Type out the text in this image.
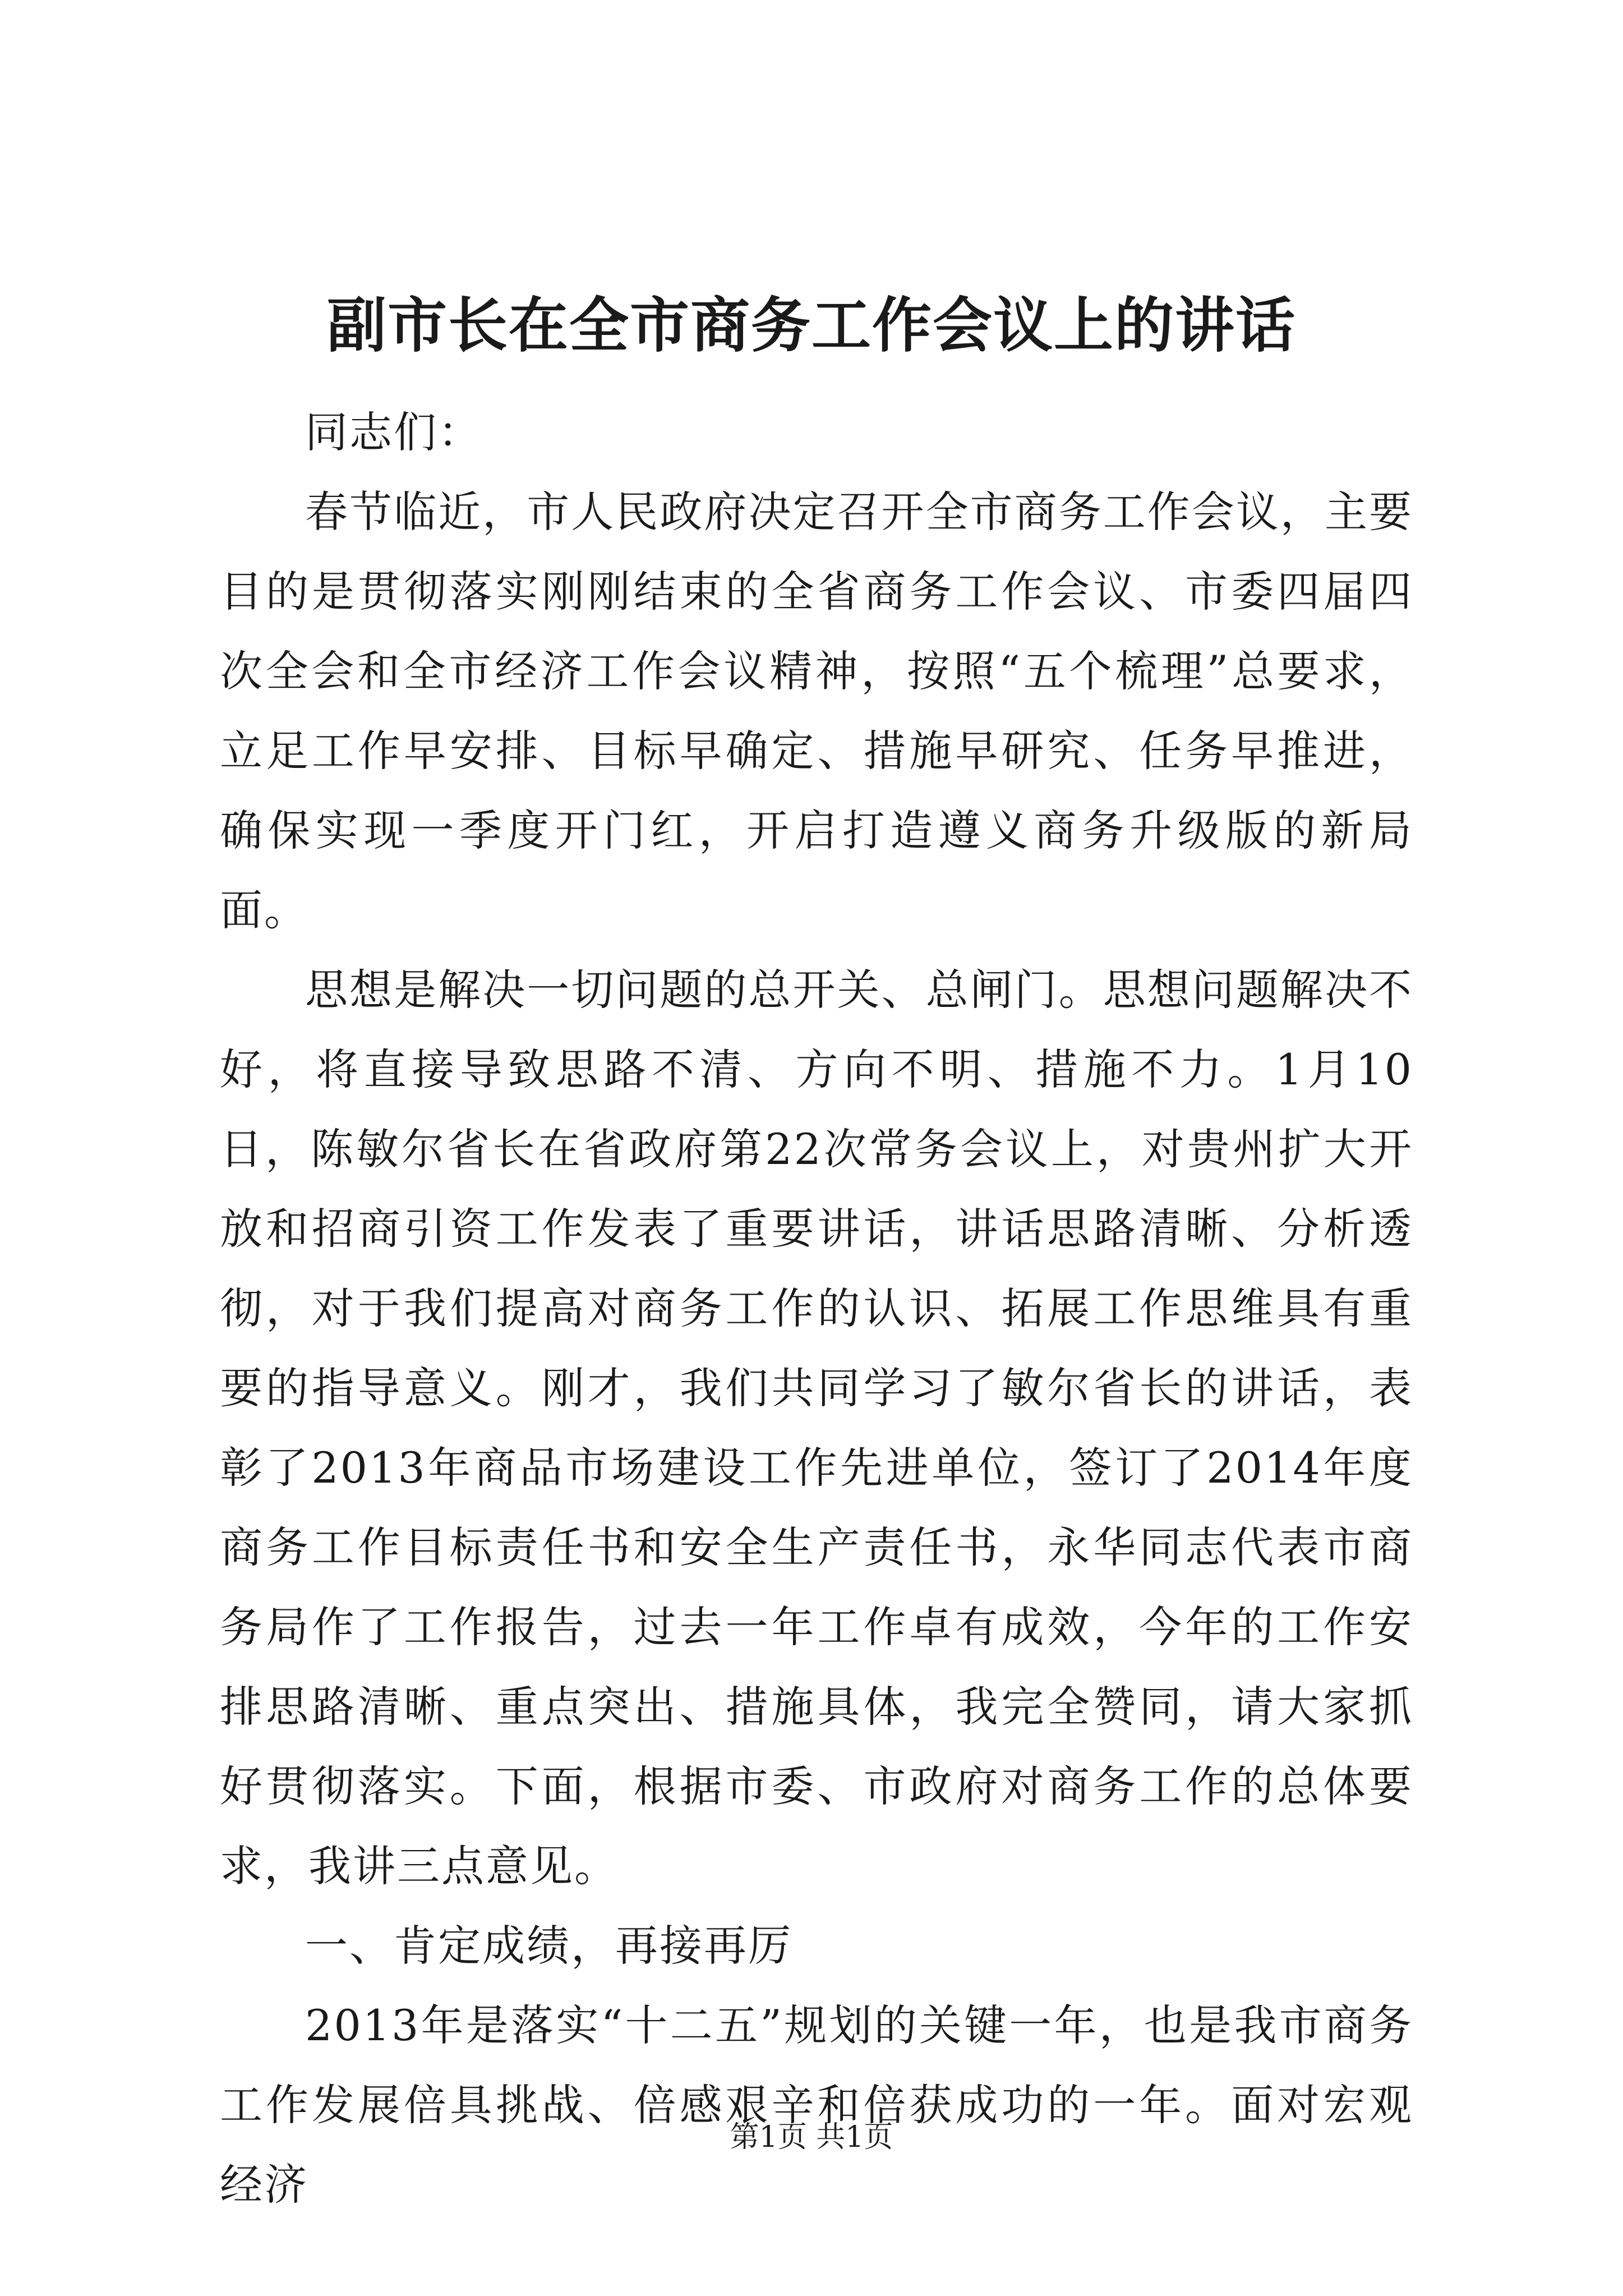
副市长在全市商务工作会议上的讲话

同志们：

春节临近，市人民政府决定召开全市商务工作会议，主要目的是贯彻落实刚刚结束的全省商务工作会议、市委四届四次全会和全市经济工作会议精神，按照“五个梳理”总要求，立足工作早安排、目标早确定、措施早研究、任务早推进，确保实现一季度开门红，开启打造遵义商务升级版的新局面。

思想是解决一切问题的总开关、总闸门。思想问题解决不好，将直接导致思路不清、方向不明、措施不力。1月10日，陈敏尔省长在省政府第22次常务会议上，对贵州扩大开放和招商引资工作发表了重要讲话，讲话思路清晰、分析透彻，对于我们提高对商务工作的认识、拓展工作思维具有重要的指导意义。刚才，我们共同学习了敏尔省长的讲话，表彰了2013年商品市场建设工作先进单位，签订了2014年度商务工作目标责任书和安全生产责任书，永华同志代表市商务局作了工作报告，过去一年工作卓有成效，今年的工作安排思路清晰、重点突出、措施具体，我完全赞同，请大家抓好贯彻落实。下面，根据市委、市政府对商务工作的总体要求，我讲三点意见。

一、肯定成绩，再接再厉

2013年是落实“十二五”规划的关键一年，也是我市商务工作发展倍具挑战、倍感艰辛和倍获成功的一年。面对宏观经济

第1页 共1页
